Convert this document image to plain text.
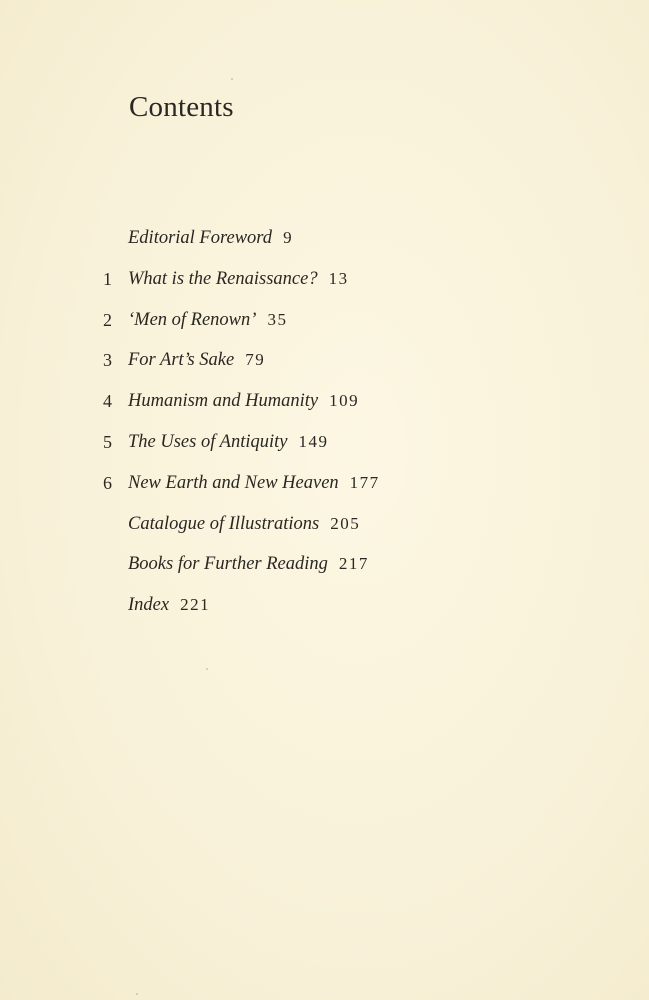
Contents
Editorial Foreword 9
1 What is the Renaissance? 13
2 ‘Men of Renown’ 35
3 For Art’s Sake 79
4 Humanism and Humanity 109
5 The Uses of Antiquity 149
6 New Earth and New Heaven 177
Catalogue of Illustrations 205
Books for Further Reading 217
Index 221
